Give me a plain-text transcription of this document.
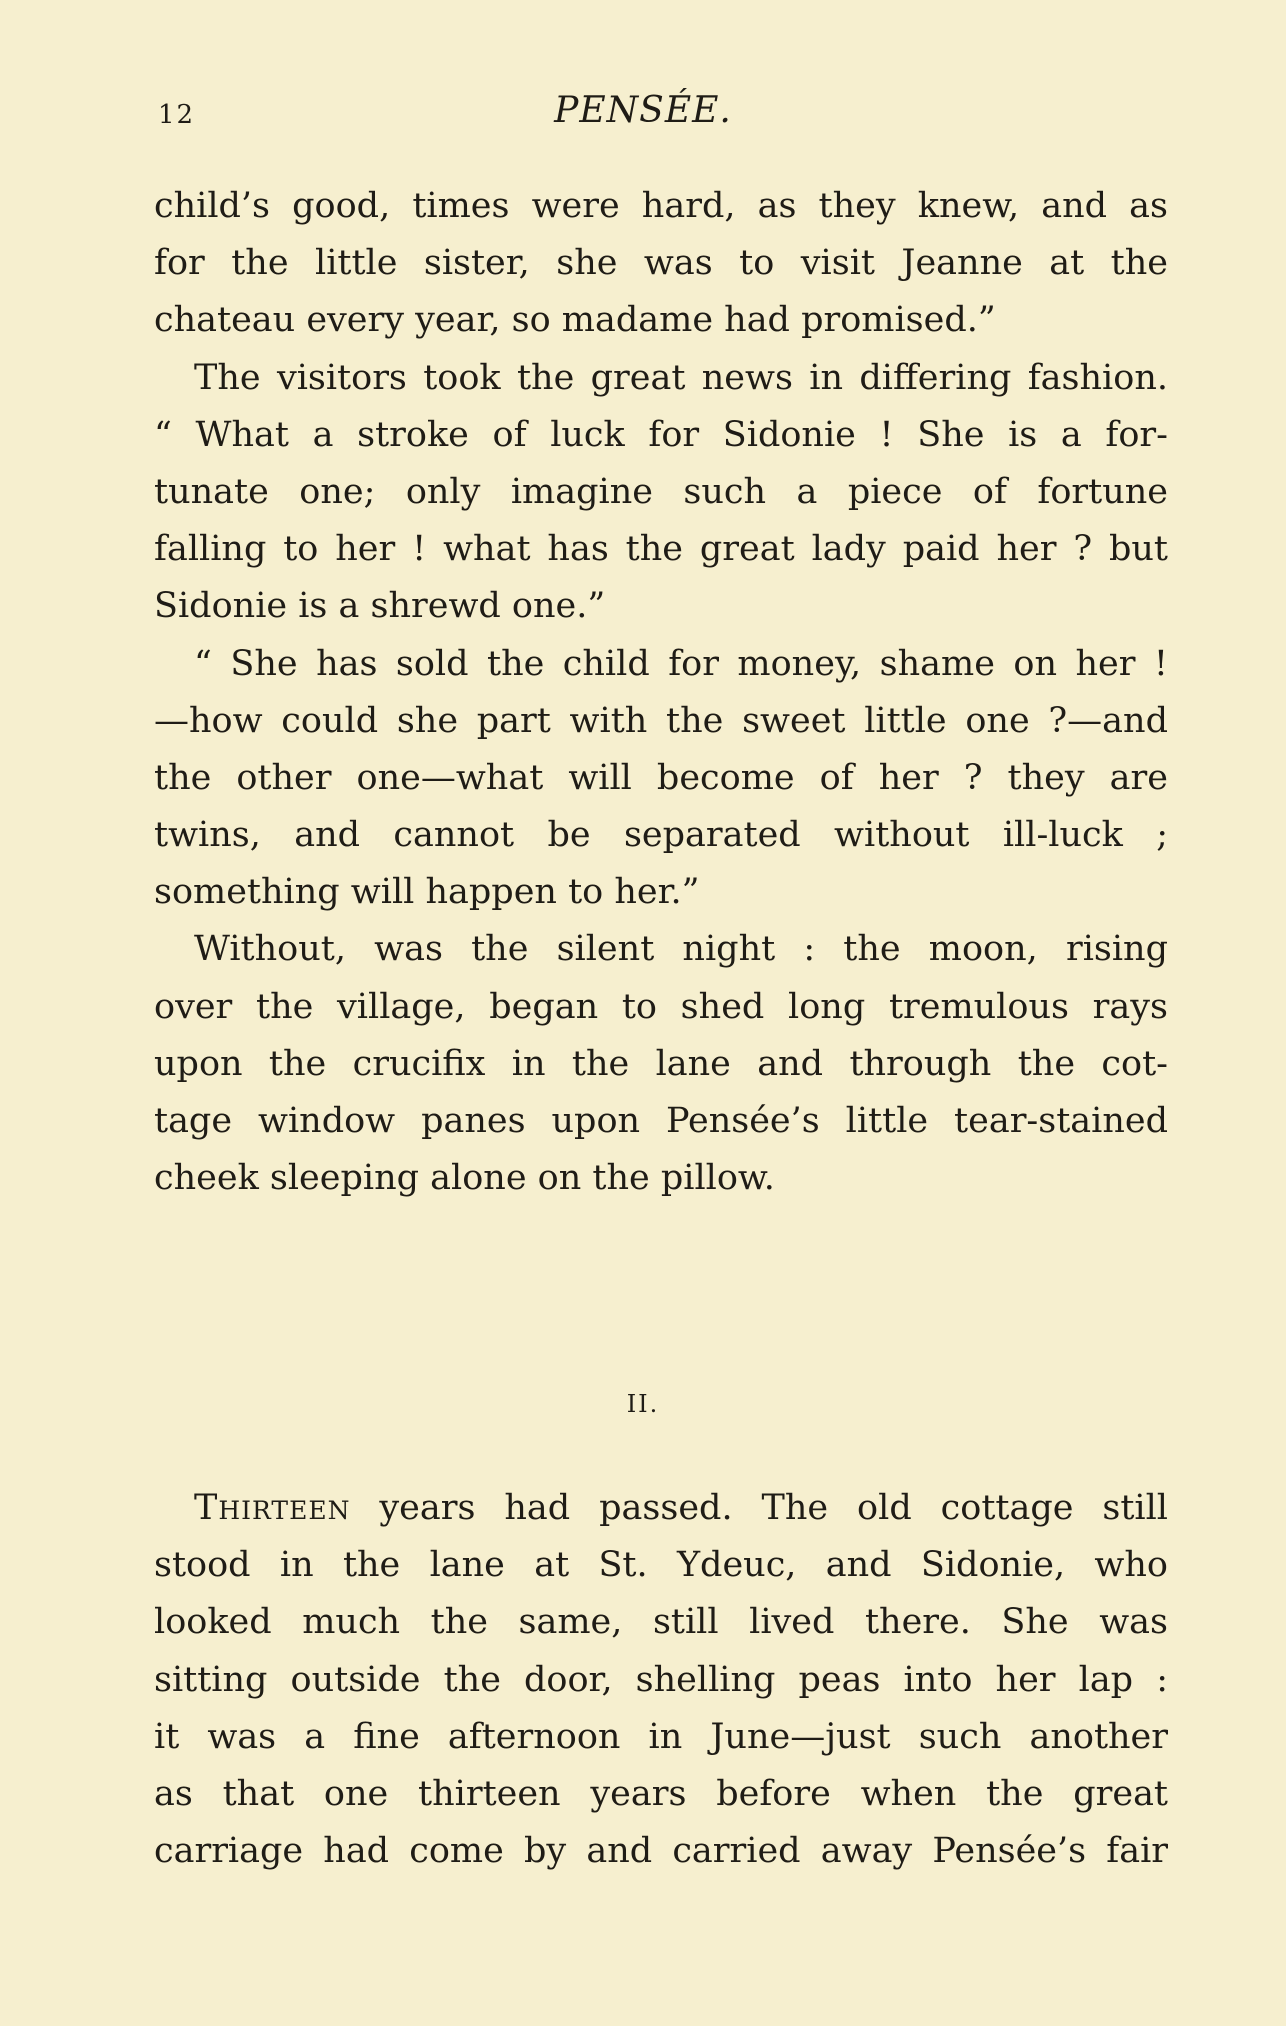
12	PENSÉE.
child’s good, times were hard, as they knew, and as
for the little sister, she was to visit Jeanne at the
chateau every year, so madame had promised.”
The visitors took the great news in differing fashion.
“ What a stroke of luck for Sidonie ! She is a for-
tunate one; only imagine such a piece of fortune
falling to her ! what has the great lady paid her ? but
Sidonie is a shrewd one.”
“ She has sold the child for money, shame on her !
—how could she part with the sweet little one ?—and
the other one—what will become of her ? they are
twins, and cannot be separated without ill-luck ;
something will happen to her.”
Without, was the silent night : the moon, rising
over the village, began to shed long tremulous rays
upon the crucifix in the lane and through the cot-
tage window panes upon Pensée’s little tear-stained
cheek sleeping alone on the pillow.
II.
Thirteen years had passed. The old cottage still
stood in the lane at St. Ydeuc, and Sidonie, who
looked much the same, still lived there. She was
sitting outside the door, shelling peas into her lap :
it was a fine afternoon in June—just such another
as that one thirteen years before when the great
carriage had come by and carried away Pensée’s fair
